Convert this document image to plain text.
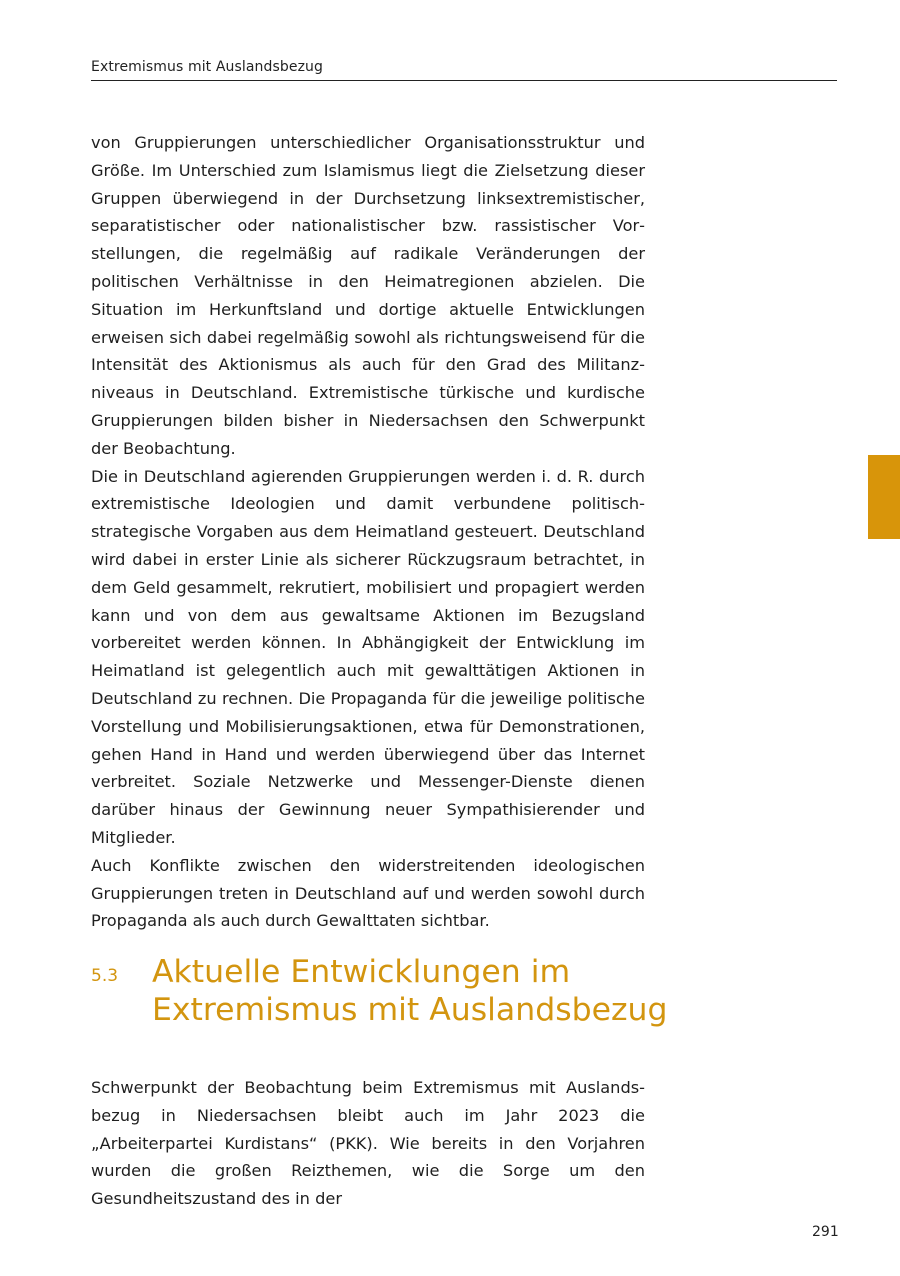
Extremismus mit Auslandsbezug

von Gruppierungen unterschiedlicher Organisationsstruktur und Größe. Im Unterschied zum Islamismus liegt die Zielsetzung dieser Gruppen überwiegend in der Durchsetzung linksextremistischer, separatistischer oder nationalistischer bzw. rassistischer Vorstellungen, die regelmäßig auf radikale Veränderungen der politischen Verhältnisse in den Heimatregionen abzielen. Die Situation im Herkunftsland und dortige aktuelle Entwicklungen erweisen sich dabei regelmäßig sowohl als richtungsweisend für die Intensität des Aktionismus als auch für den Grad des Militanzniveaus in Deutschland. Extremistische türkische und kurdische Gruppierungen bilden bisher in Niedersachsen den Schwerpunkt der Beobachtung.

Die in Deutschland agierenden Gruppierungen werden i. d. R. durch extremistische Ideologien und damit verbundene politisch-strategische Vorgaben aus dem Heimatland gesteuert. Deutschland wird dabei in erster Linie als sicherer Rückzugsraum betrachtet, in dem Geld gesammelt, rekrutiert, mobilisiert und propagiert werden kann und von dem aus gewaltsame Aktionen im Bezugsland vorbereitet werden können. In Abhängigkeit der Entwicklung im Heimatland ist gelegentlich auch mit gewalttätigen Aktionen in Deutschland zu rechnen. Die Propaganda für die jeweilige politische Vorstellung und Mobilisierungsaktionen, etwa für Demonstrationen, gehen Hand in Hand und werden überwiegend über das Internet verbreitet. Soziale Netzwerke und Messenger-Dienste dienen darüber hinaus der Gewinnung neuer Sympathisierender und Mitglieder.

Auch Konflikte zwischen den widerstreitenden ideologischen Gruppierungen treten in Deutschland auf und werden sowohl durch Propaganda als auch durch Gewalttaten sichtbar.

5.3 Aktuelle Entwicklungen im
Extremismus mit Auslandsbezug

Schwerpunkt der Beobachtung beim Extremismus mit Auslandsbezug in Niedersachsen bleibt auch im Jahr 2023 die „Arbeiterpartei Kurdistans“ (PKK). Wie bereits in den Vorjahren wurden die großen Reizthemen, wie die Sorge um den Gesundheitszustand des in der

291
